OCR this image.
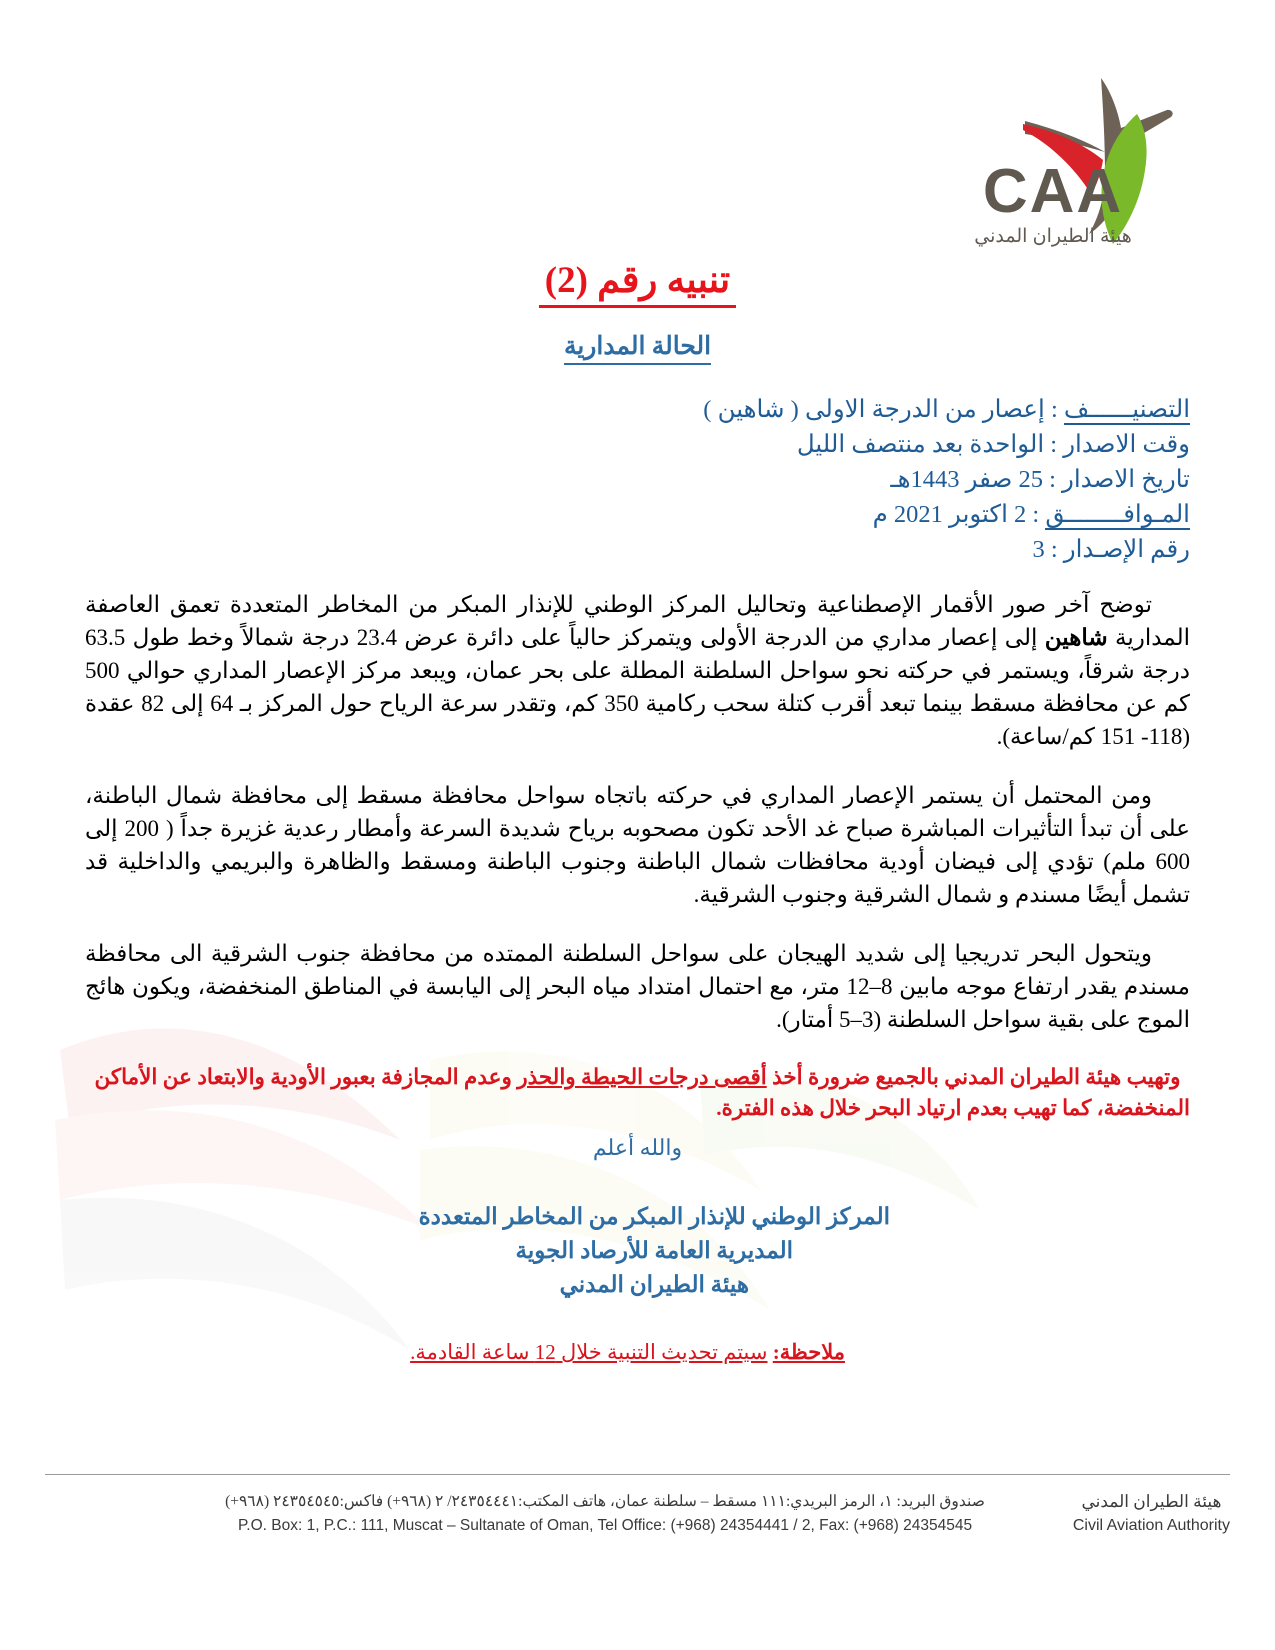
CAA
هيئة الطيران المدني
تنبيه رقم (2)
الحالة المدارية
التصنيــــــف : إعصار من الدرجة الاولى ( شاهين )
وقت الاصدار : الواحدة بعد منتصف الليل
تاريخ الاصدار : 25 صفر 1443هـ
المـوافــــــــق : 2 اكتوبر 2021 م
رقم الإصـدار : 3

توضح آخر صور الأقمار الإصطناعية وتحاليل المركز الوطني للإنذار المبكر من المخاطر المتعددة تعمق العاصفة المدارية شاهين إلى إعصار مداري من الدرجة الأولى ويتمركز حالياً على دائرة عرض 23.4 درجة شمالاً وخط طول 63.5 درجة شرقاً، ويستمر في حركته نحو سواحل السلطنة المطلة على بحر عمان، ويبعد مركز الإعصار المداري حوالي 500 كم عن محافظة مسقط بينما تبعد أقرب كتلة سحب ركامية 350 كم، وتقدر سرعة الرياح حول المركز بـ 64 إلى 82 عقدة (118- 151 كم/ساعة).

ومن المحتمل أن يستمر الإعصار المداري في حركته باتجاه سواحل محافظة مسقط إلى محافظة شمال الباطنة، على أن تبدأ التأثيرات المباشرة صباح غد الأحد تكون مصحوبه برياح شديدة السرعة وأمطار رعدية غزيرة جداً ( 200 إلى 600 ملم) تؤدي إلى فيضان أودية محافظات شمال الباطنة وجنوب الباطنة ومسقط والظاهرة والبريمي والداخلية قد تشمل أيضًا مسندم و شمال الشرقية وجنوب الشرقية.

ويتحول البحر تدريجيا إلى شديد الهيجان على سواحل السلطنة الممتده من محافظة جنوب الشرقية الى محافظة مسندم يقدر ارتفاع موجه مابين 8–12 متر، مع احتمال امتداد مياه البحر إلى اليابسة في المناطق المنخفضة، ويكون هائج الموج على بقية سواحل السلطنة (3–5 أمتار).

وتهيب هيئة الطيران المدني بالجميع ضرورة أخذ أقصى درجات الحيطة والحذر وعدم المجازفة بعبور الأودية والابتعاد عن الأماكن المنخفضة، كما تهيب بعدم ارتياد البحر خلال هذه الفترة.

والله أعلم
المركز الوطني للإنذار المبكر من المخاطر المتعددة
المديرية العامة للأرصاد الجوية
هيئة الطيران المدني
ملاحظة: سيتم تحديث التنبية خلال 12 ساعة القادمة.
هيئة الطيران المدني
Civil Aviation Authority
صندوق البريد: ١، الرمز البريدي:١١١ مسقط – سلطنة عمان، هاتف المكتب:٢٤٣٥٤٤٤١/ ٢ (٩٦٨+) فاكس:٢٤٣٥٤٥٤٥ (٩٦٨+)
P.O. Box: 1, P.C.: 111, Muscat – Sultanate of Oman, Tel Office: (+968) 24354441 / 2, Fax: (+968) 24354545
